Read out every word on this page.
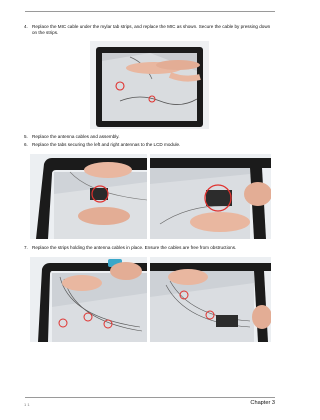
4. Replace the MIC cable under the mylar tab strips, and replace the MIC as shown. Secure the cable by pressing down on the strips.
5. Replace the antenna cables and assembly.
6. Replace the tabs securing the left and right antennas to the LCD module.
7. Replace the strips holding the antenna cables in place. Ensure the cables are free from obstructions.
1 1	Chapter 3
